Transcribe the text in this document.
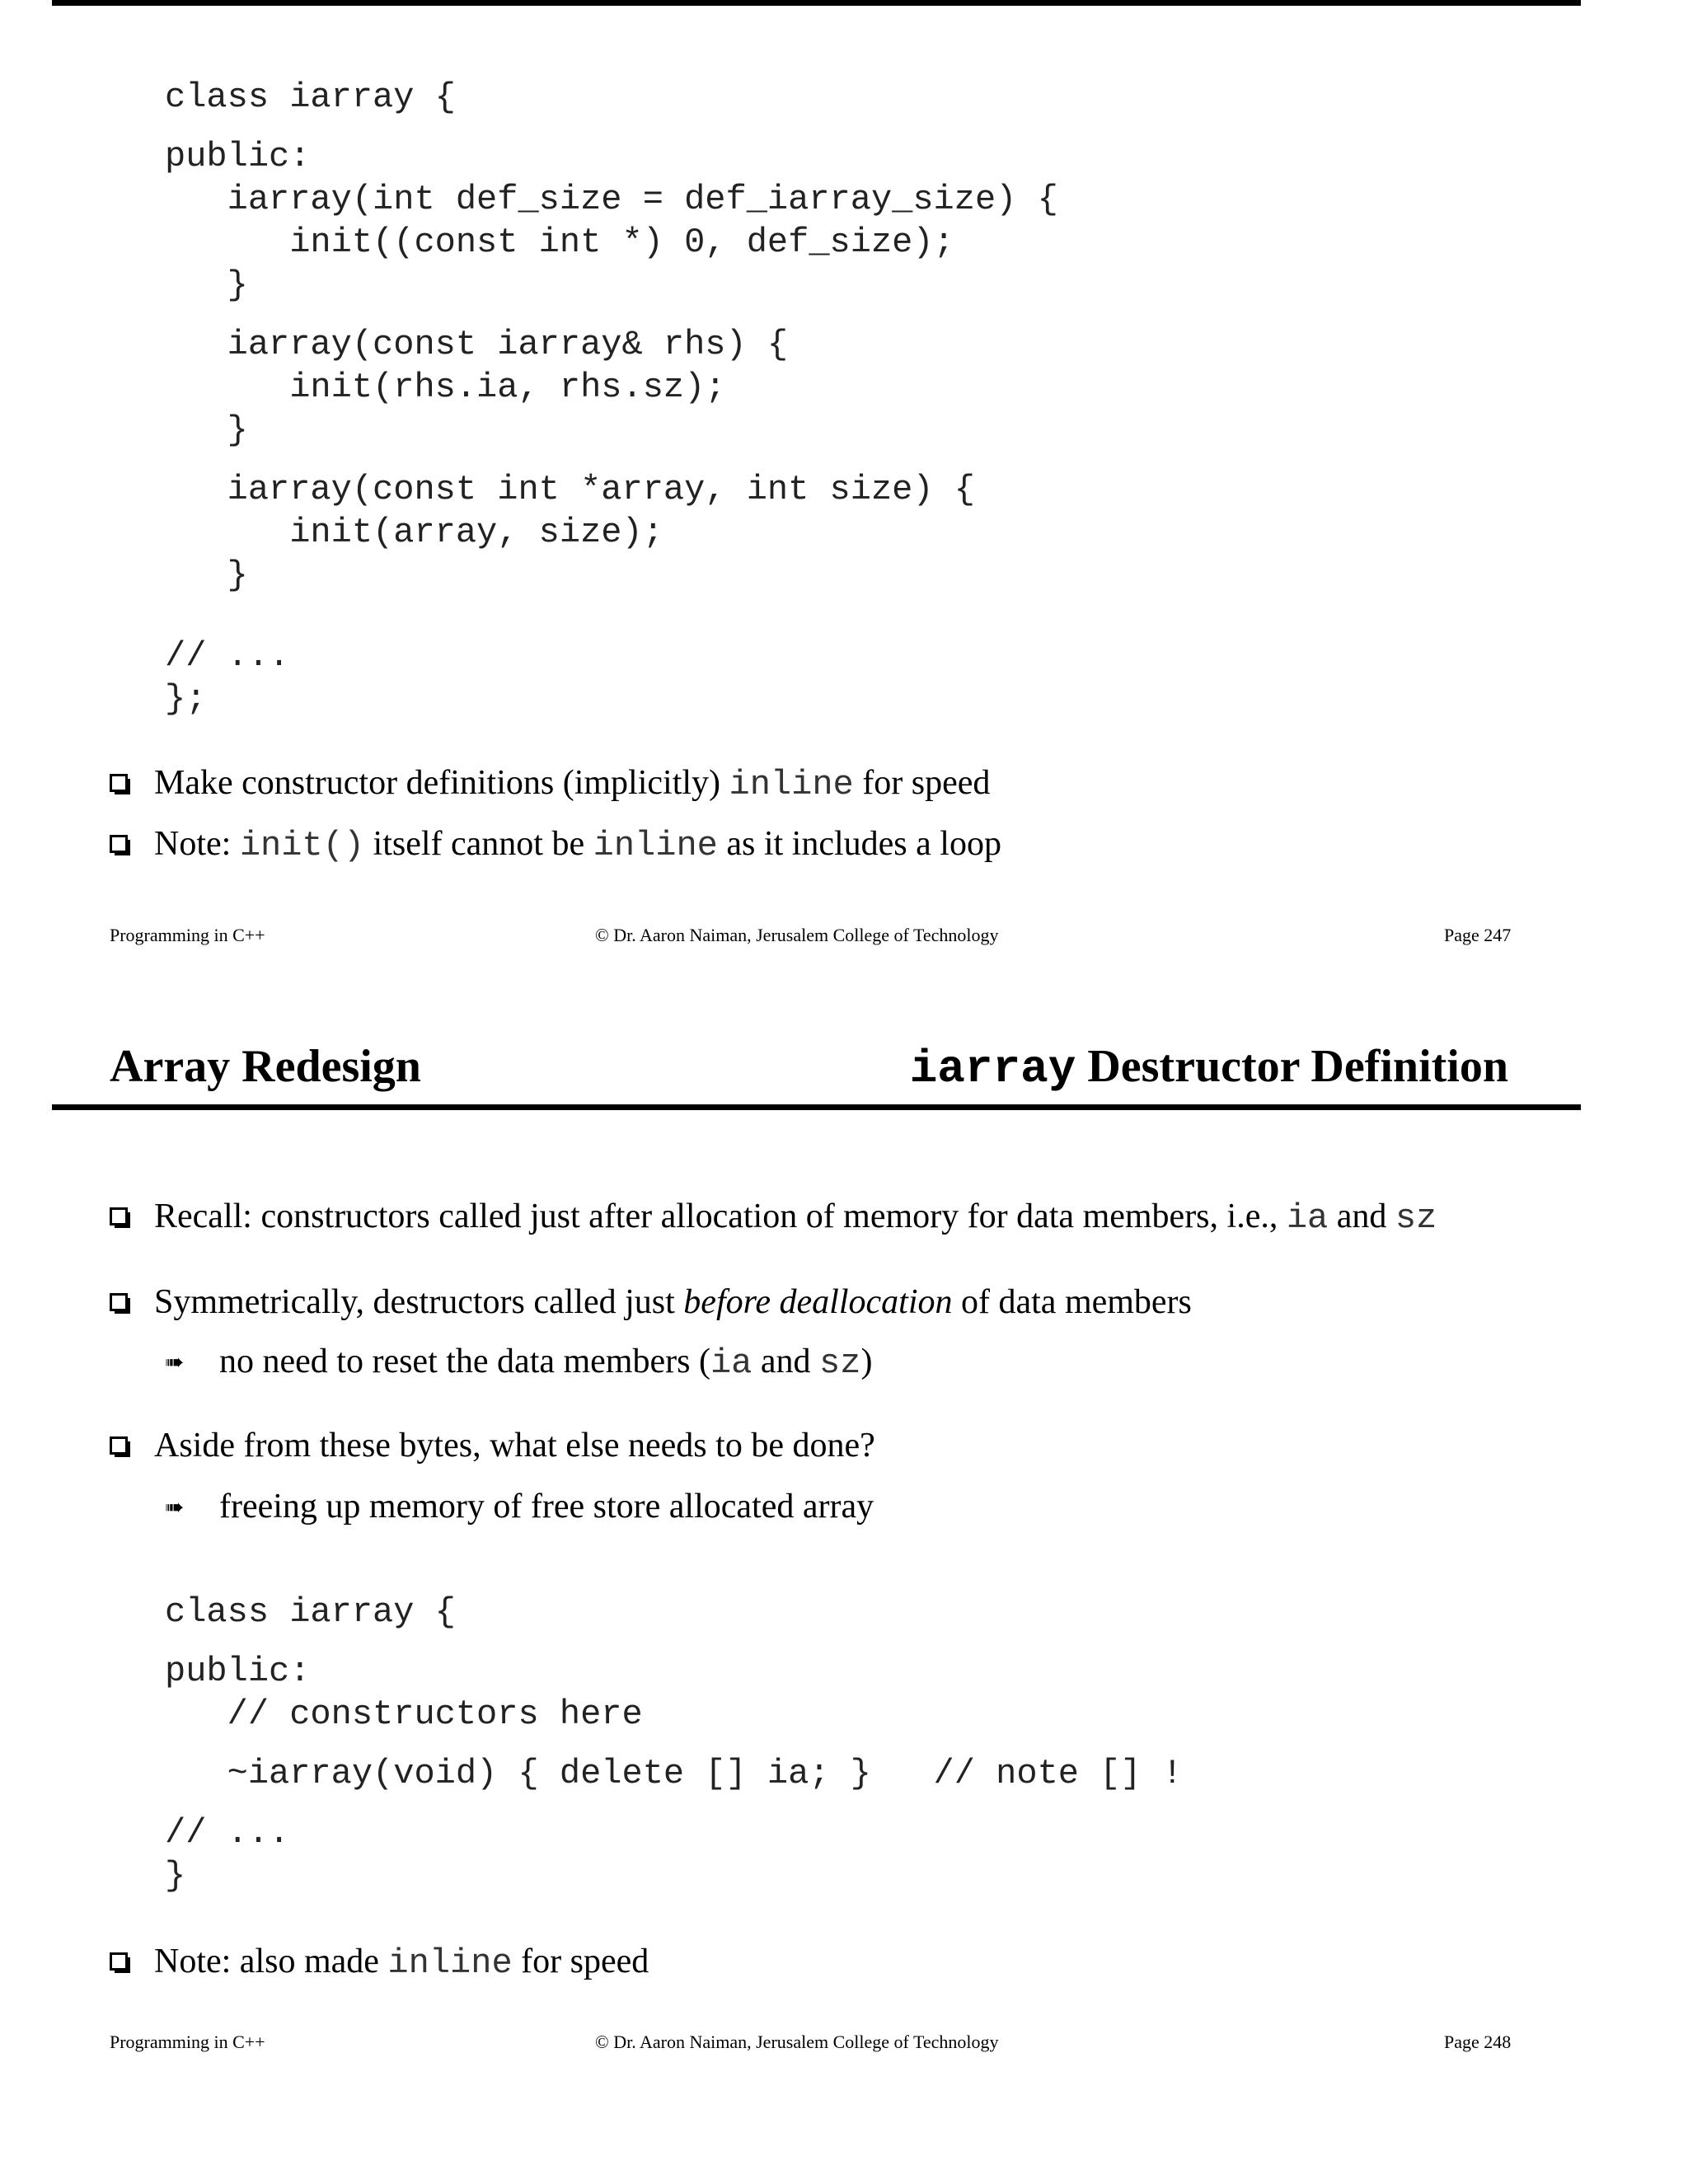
class iarray {
public:
iarray(int def_size = def_iarray_size) {
init((const int *) 0, def_size);
}
iarray(const iarray& rhs) {
init(rhs.ia, rhs.sz);
}
iarray(const int *array, int size) {
init(array, size);
}
// ...
};
Make constructor definitions (implicitly) inline for speed
Note: init() itself cannot be inline as it includes a loop
Programming in C++	© Dr. Aaron Naiman, Jerusalem College of Technology	Page 247
Array Redesign	iarray Destructor Definition
Recall: constructors called just after allocation of memory for data members, i.e., ia and sz
Symmetrically, destructors called just before deallocation of data members
➠ no need to reset the data members (ia and sz)
Aside from these bytes, what else needs to be done?
➠ freeing up memory of free store allocated array
class iarray {
public:
// constructors here
~iarray(void) { delete [] ia; }   // note [] !
// ...
}
Note: also made inline for speed
Programming in C++	© Dr. Aaron Naiman, Jerusalem College of Technology	Page 248
